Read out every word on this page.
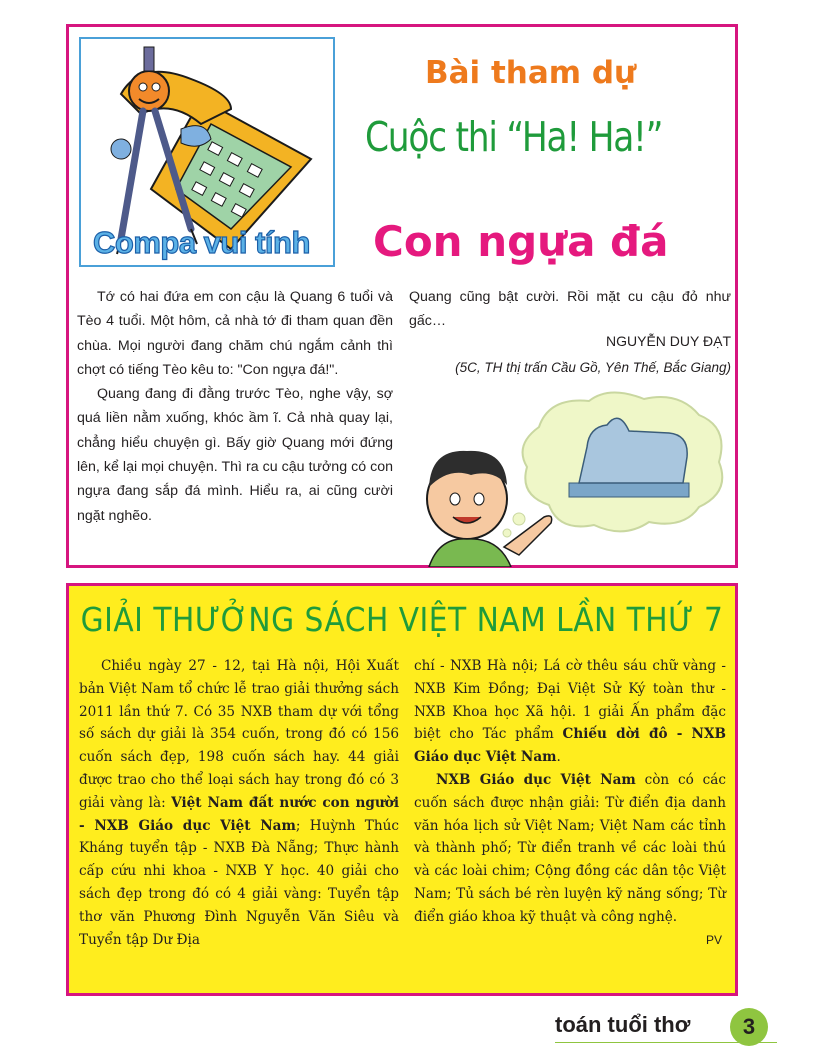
Compa vui tính
Bài tham dự
Cuộc thi “Ha! Ha!”
Con ngựa đá

Tớ có hai đứa em con cậu là Quang 6 tuổi và Tèo 4 tuổi. Một hôm, cả nhà tớ đi tham quan đền chùa. Mọi người đang chăm chú ngắm cảnh thì chợt có tiếng Tèo kêu to: "Con ngựa đá!".

Quang đang đi đằng trước Tèo, nghe vậy, sợ quá liền nằm xuống, khóc ầm ĩ. Cả nhà quay lại, chẳng hiểu chuyện gì. Bấy giờ Quang mới đứng lên, kể lại mọi chuyện. Thì ra cu cậu tưởng có con ngựa đang sắp đá mình. Hiểu ra, ai cũng cười ngặt nghẽo.

Quang cũng bật cười. Rồi mặt cu cậu đỏ như gấc…

NGUYỄN DUY ĐẠT
(5C, TH thị trấn Cầu Gồ, Yên Thế, Bắc Giang)
GIẢI THƯỞNG SÁCH VIỆT NAM LẦN THỨ 7

Chiều ngày 27 - 12, tại Hà nội, Hội Xuất bản Việt Nam tổ chức lễ trao giải thưởng sách 2011 lần thứ 7. Có 35 NXB tham dự với tổng số sách dự giải là 354 cuốn, trong đó có 156 cuốn sách đẹp, 198 cuốn sách hay. 44 giải được trao cho thể loại sách hay trong đó có 3 giải vàng là: Việt Nam đất nước con người - NXB Giáo dục Việt Nam; Huỳnh Thúc Kháng tuyển tập - NXB Đà Nẵng; Thực hành cấp cứu nhi khoa - NXB Y học. 40 giải cho sách đẹp trong đó có 4 giải vàng: Tuyển tập thơ văn Phương Đình Nguyễn Văn Siêu và Tuyển tập Dư Địa

chí - NXB Hà nội; Lá cờ thêu sáu chữ vàng - NXB Kim Đồng; Đại Việt Sử Ký toàn thư - NXB Khoa học Xã hội. 1 giải Ấn phẩm đặc biệt cho Tác phẩm Chiếu dời đô - NXB Giáo dục Việt Nam.

NXB Giáo dục Việt Nam còn có các cuốn sách được nhận giải: Từ điển địa danh văn hóa lịch sử Việt Nam; Việt Nam các tỉnh và thành phố; Từ điển tranh về các loài thú và các loài chim; Cộng đồng các dân tộc Việt Nam; Tủ sách bé rèn luyện kỹ năng sống; Từ điển giáo khoa kỹ thuật và công nghệ.

PV
toán tuổi thơ	3
